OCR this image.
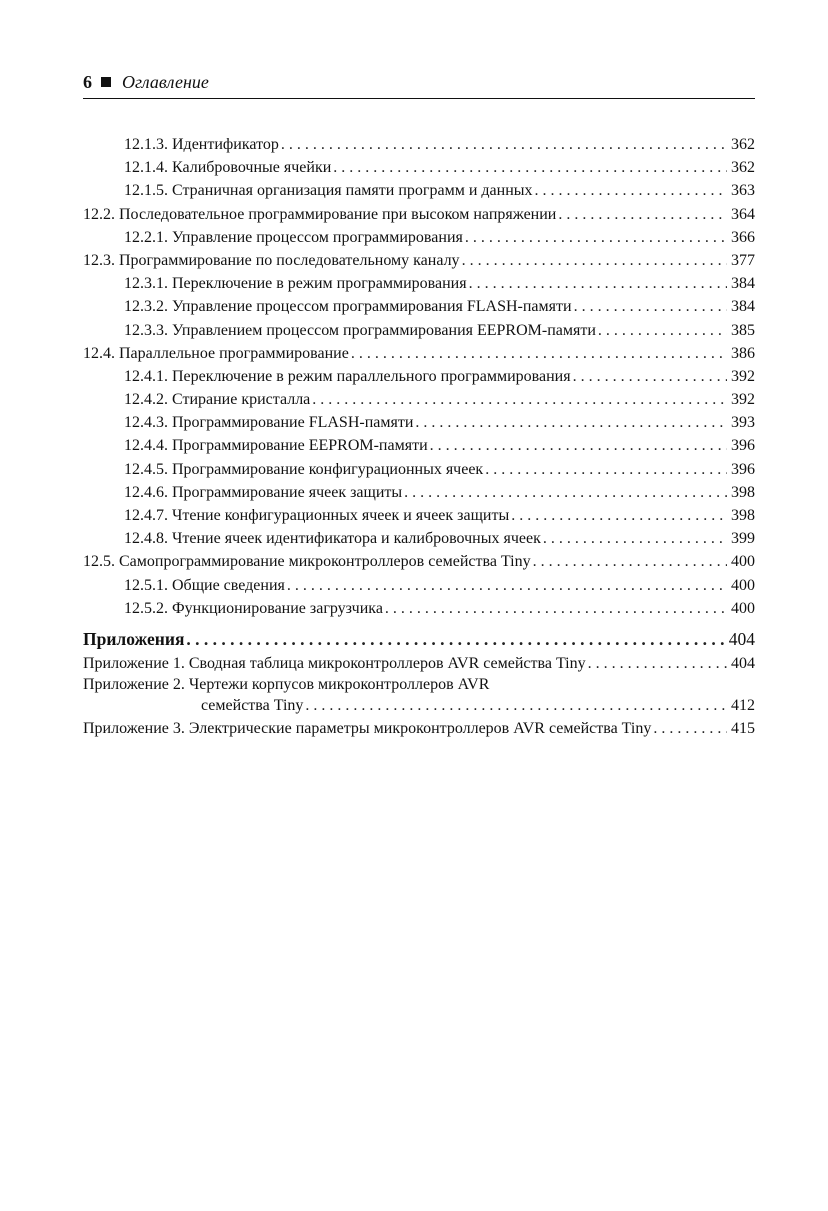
6 Оглавление
12.1.3. Идентификатор . . .	362
12.1.4. Калибровочные ячейки . . .	362
12.1.5. Страничная организация памяти программ и данных . . .	363
12.2. Последовательное программирование при высоком напряжении . . .	364
12.2.1. Управление процессом программирования . . .	366
12.3. Программирование по последовательному каналу . . .	377
12.3.1. Переключение в режим программирования . . .	384
12.3.2. Управление процессом программирования FLASH-памяти . . .	384
12.3.3. Управлением процессом программирования EEPROM-памяти . . .	385
12.4. Параллельное программирование . . .	386
12.4.1. Переключение в режим параллельного программирования . . .	392
12.4.2. Стирание кристалла . . .	392
12.4.3. Программирование FLASH-памяти . . .	393
12.4.4. Программирование EEPROM-памяти . . .	396
12.4.5. Программирование конфигурационных ячеек . . .	396
12.4.6. Программирование ячеек защиты . . .	398
12.4.7. Чтение конфигурационных ячеек и ячеек защиты . . .	398
12.4.8. Чтение ячеек идентификатора и калибровочных ячеек . . .	399
12.5. Самопрограммирование микроконтроллеров семейства Tiny . . .	400
12.5.1. Общие сведения . . .	400
12.5.2. Функционирование загрузчика . . .	400
Приложения . . .	404
Приложение 1. Сводная таблица микроконтроллеров AVR семейства Tiny . . .	404
Приложение 2. Чертежи корпусов микроконтроллеров AVR
семейства Tiny . . .	412
Приложение 3. Электрические параметры микроконтроллеров AVR семейства Tiny . . .	415
